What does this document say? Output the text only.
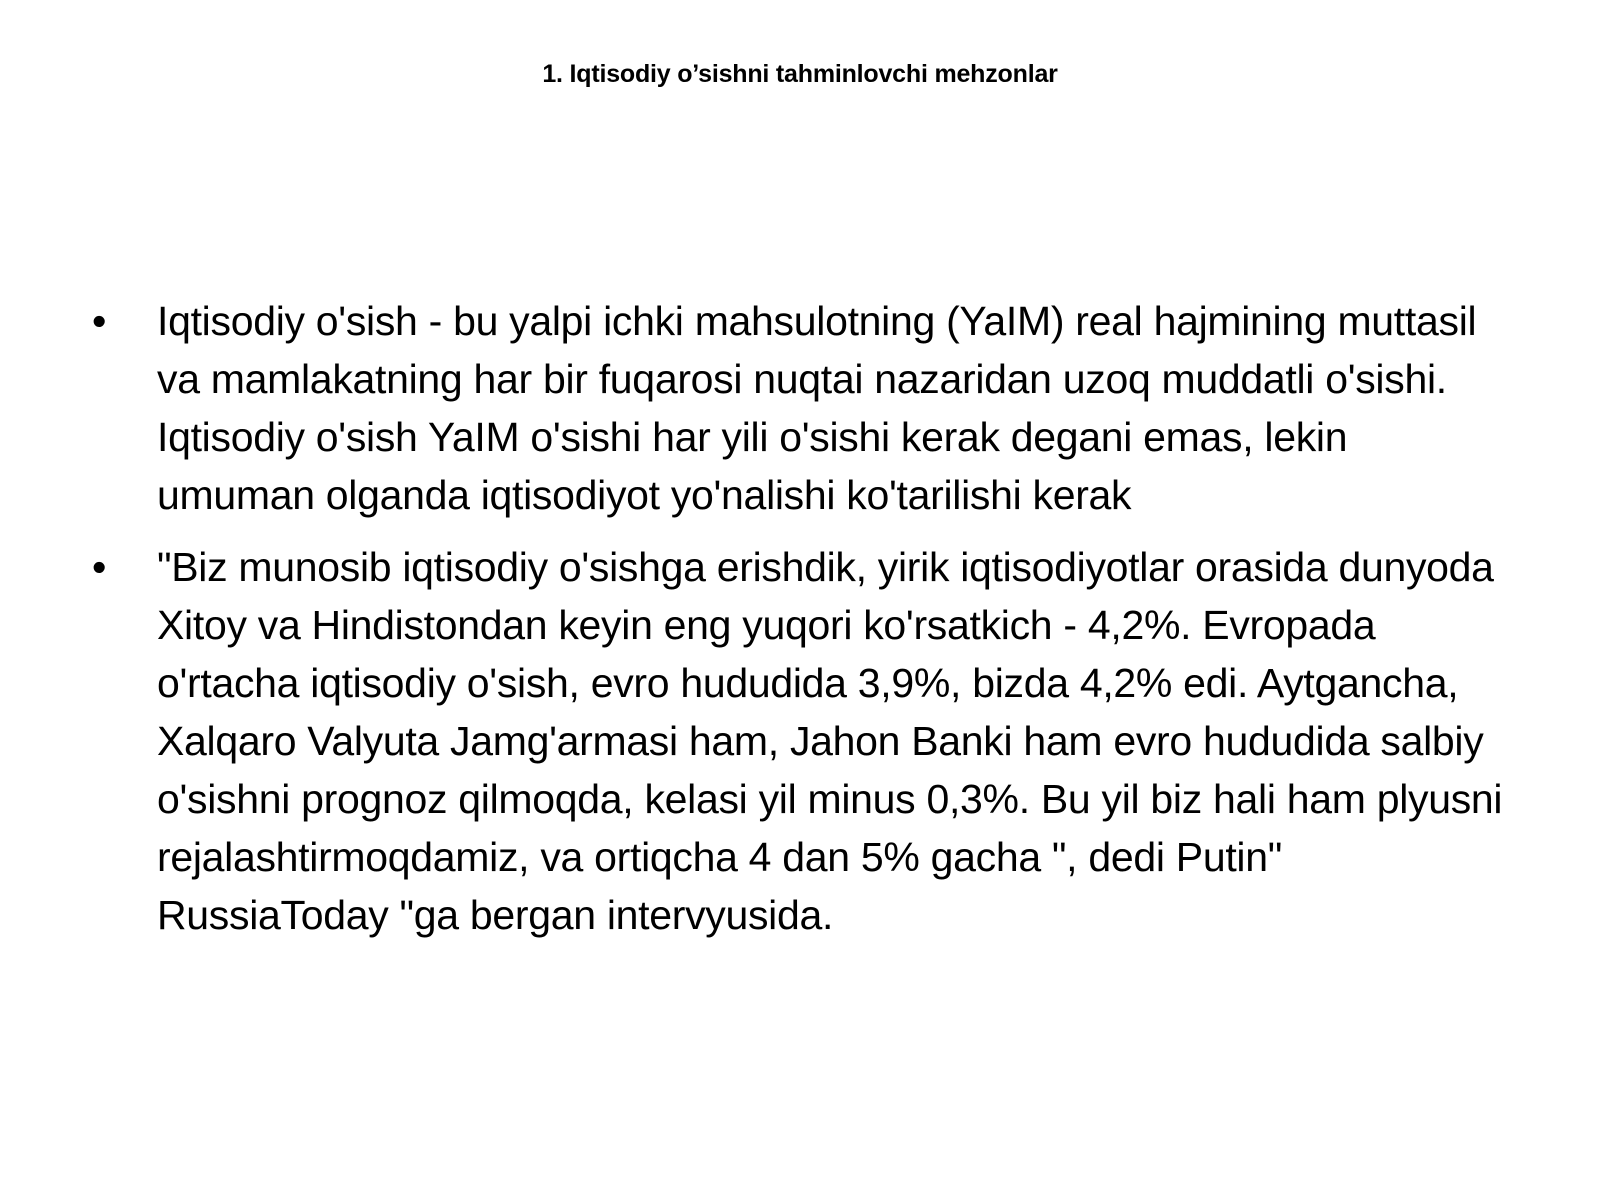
1. Iqtisodiy o’sishni tahminlovchi mehzonlar
•	Iqtisodiy o'sish - bu yalpi ichki mahsulotning (YaIM) real hajmining muttasil va mamlakatning har bir fuqarosi nuqtai nazaridan uzoq muddatli o'sishi. Iqtisodiy o'sish YaIM o'sishi har yili o'sishi kerak degani emas, lekin umuman olganda iqtisodiyot yo'nalishi ko'tarilishi kerak
•	"Biz munosib iqtisodiy o'sishga erishdik, yirik iqtisodiyotlar orasida dunyoda Xitoy va Hindistondan keyin eng yuqori ko'rsatkich - 4,2%. Evropada o'rtacha iqtisodiy o'sish, evro hududida 3,9%, bizda 4,2% edi. Aytgancha, Xalqaro Valyuta Jamg'armasi ham, Jahon Banki ham evro hududida salbiy o'sishni prognoz qilmoqda, kelasi yil minus 0,3%. Bu yil biz hali ham plyusni rejalashtirmoqdamiz, va ortiqcha 4 dan 5% gacha ", dedi Putin" RussiaToday "ga bergan intervyusida.
